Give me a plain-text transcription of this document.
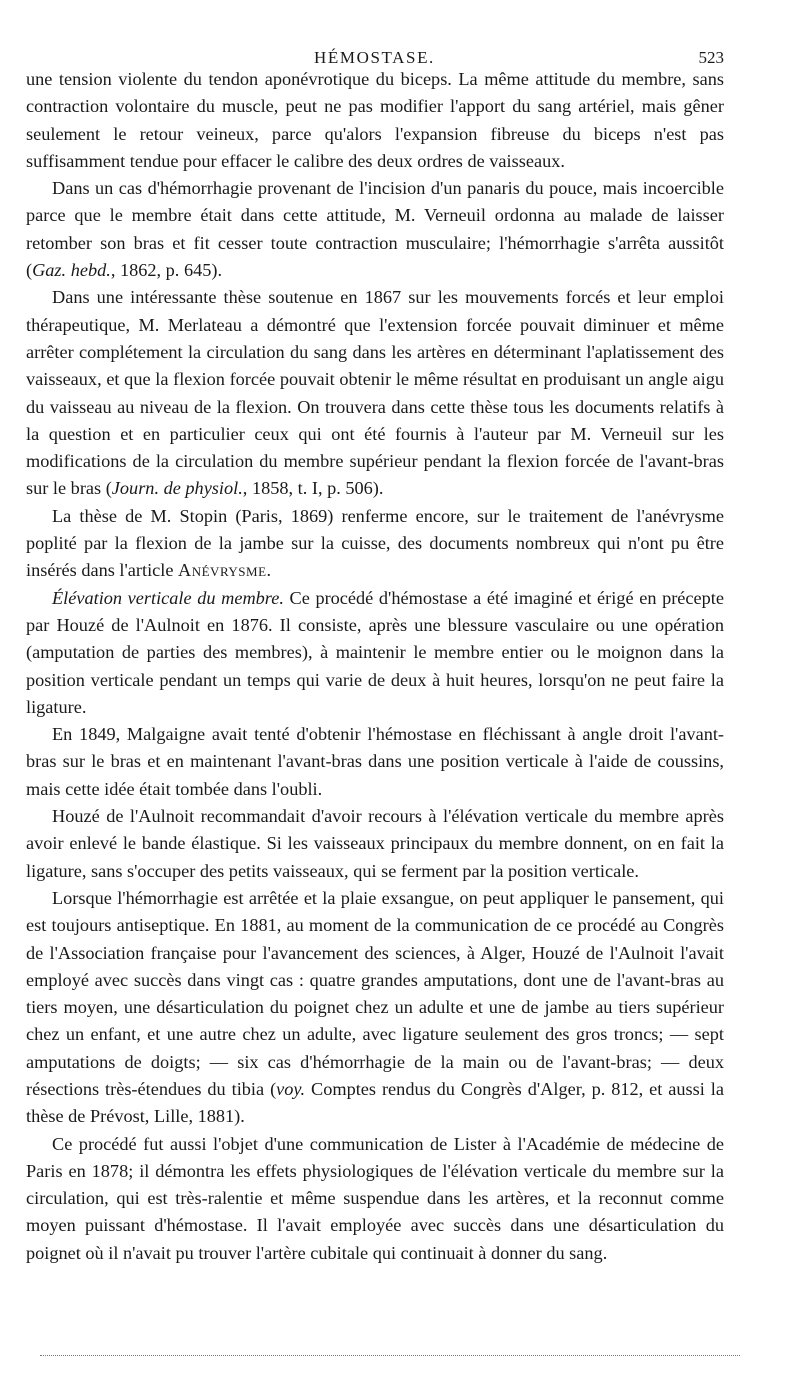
HÉMOSTASE.	523

une tension violente du tendon aponévrotique du biceps. La même attitude du membre, sans contraction volontaire du muscle, peut ne pas modifier l'apport du sang artériel, mais gêner seulement le retour veineux, parce qu'alors l'expansion fibreuse du biceps n'est pas suffisamment tendue pour effacer le calibre des deux ordres de vaisseaux.

Dans un cas d'hémorrhagie provenant de l'incision d'un panaris du pouce, mais incoercible parce que le membre était dans cette attitude, M. Verneuil ordonna au malade de laisser retomber son bras et fit cesser toute contraction musculaire; l'hémorrhagie s'arrêta aussitôt (Gaz. hebd., 1862, p. 645).

Dans une intéressante thèse soutenue en 1867 sur les mouvements forcés et leur emploi thérapeutique, M. Merlateau a démontré que l'extension forcée pouvait diminuer et même arrêter complétement la circulation du sang dans les artères en déterminant l'aplatissement des vaisseaux, et que la flexion forcée pouvait obtenir le même résultat en produisant un angle aigu du vaisseau au niveau de la flexion. On trouvera dans cette thèse tous les documents relatifs à la question et en particulier ceux qui ont été fournis à l'auteur par M. Verneuil sur les modifications de la circulation du membre supérieur pendant la flexion forcée de l'avant-bras sur le bras (Journ. de physiol., 1858, t. I, p. 506).

La thèse de M. Stopin (Paris, 1869) renferme encore, sur le traitement de l'anévrysme poplité par la flexion de la jambe sur la cuisse, des documents nombreux qui n'ont pu être insérés dans l'article Anévrysme.

Élévation verticale du membre. Ce procédé d'hémostase a été imaginé et érigé en précepte par Houzé de l'Aulnoit en 1876. Il consiste, après une blessure vasculaire ou une opération (amputation de parties des membres), à maintenir le membre entier ou le moignon dans la position verticale pendant un temps qui varie de deux à huit heures, lorsqu'on ne peut faire la ligature.

En 1849, Malgaigne avait tenté d'obtenir l'hémostase en fléchissant à angle droit l'avant-bras sur le bras et en maintenant l'avant-bras dans une position verticale à l'aide de coussins, mais cette idée était tombée dans l'oubli.

Houzé de l'Aulnoit recommandait d'avoir recours à l'élévation verticale du membre après avoir enlevé le bande élastique. Si les vaisseaux principaux du membre donnent, on en fait la ligature, sans s'occuper des petits vaisseaux, qui se ferment par la position verticale.

Lorsque l'hémorrhagie est arrêtée et la plaie exsangue, on peut appliquer le pansement, qui est toujours antiseptique. En 1881, au moment de la communication de ce procédé au Congrès de l'Association française pour l'avancement des sciences, à Alger, Houzé de l'Aulnoit l'avait employé avec succès dans vingt cas : quatre grandes amputations, dont une de l'avant-bras au tiers moyen, une désarticulation du poignet chez un adulte et une de jambe au tiers supérieur chez un enfant, et une autre chez un adulte, avec ligature seulement des gros troncs; — sept amputations de doigts; — six cas d'hémorrhagie de la main ou de l'avant-bras; — deux résections très-étendues du tibia (voy. Comptes rendus du Congrès d'Alger, p. 812, et aussi la thèse de Prévost, Lille, 1881).

Ce procédé fut aussi l'objet d'une communication de Lister à l'Académie de médecine de Paris en 1878; il démontra les effets physiologiques de l'élévation verticale du membre sur la circulation, qui est très-ralentie et même suspendue dans les artères, et la reconnut comme moyen puissant d'hémostase. Il l'avait employée avec succès dans une désarticulation du poignet où il n'avait pu trouver l'artère cubitale qui continuait à donner du sang.
